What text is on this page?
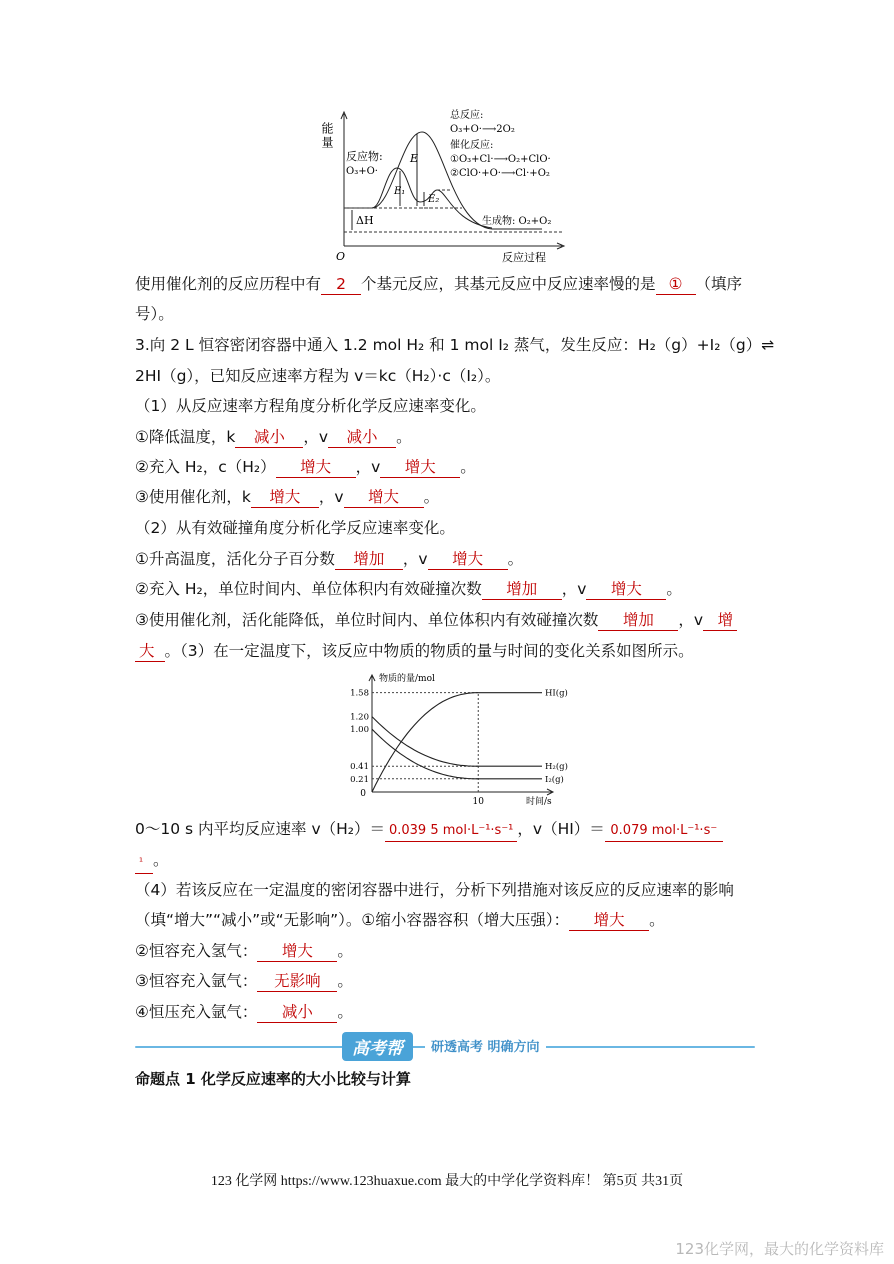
能量
反应物:
O₃+O·
E
E₁
E₂
ΔH	生成物: O₂+O₂
总反应:
O₃+O·⟶2O₂
催化反应:
①O₃+Cl·⟶O₂+ClO·
②ClO·+O·⟶Cl·+O₂
O	反应过程
使用催化剂的反应历程中有 2 个基元反应，其基元反应中反应速率慢的是 ① （填序
号）。
3.向 2 L 恒容密闭容器中通入 1.2 mol H₂ 和 1 mol I₂ 蒸气，发生反应：H₂（g）+I₂（g）⇌
2HI（g），已知反应速率方程为 v＝kc（H₂）·c（I₂）。
（1）从反应速率方程角度分析化学反应速率变化。
①降低温度，k 减小 ，v 减小 。
②充入 H₂，c（H₂） 增大 ，v 增大 。
③使用催化剂，k 增大 ，v 增大 。
（2）从有效碰撞角度分析化学反应速率变化。
①升高温度，活化分子百分数 增加 ，v 增大 。
②充入 H₂，单位时间内、单位体积内有效碰撞次数 增加 ，v 增大 。
③使用催化剂，活化能降低，单位时间内、单位体积内有效碰撞次数 增加 ，v 增
大 。（3）在一定温度下，该反应中物质的物质的量与时间的变化关系如图所示。
物质的量/mol
时间/s
0
1.58
1.20
1.00
0.41
0.21
10
HI(g)
H₂(g)
I₂(g)
0～10 s 内平均反应速率 v（H₂）＝ 0.039 5 mol·L⁻¹·s⁻¹ ，v（HI）＝ 0.079 mol·L⁻¹·s⁻
¹ 。
（4）若该反应在一定温度的密闭容器中进行，分析下列措施对该反应的反应速率的影响
（填“增大”“减小”或“无影响”）。①缩小容器容积（增大压强）： 增大 。
②恒容充入氢气： 增大 。
③恒容充入氩气： 无影响 。
④恒压充入氩气： 减小 。
高考帮	研透高考 明确方向
命题点 1 化学反应速率的大小比较与计算
123 化学网 https://www.123huaxue.com 最大的中学化学资料库！ 第5页 共31页
123化学网，最大的化学资料库
